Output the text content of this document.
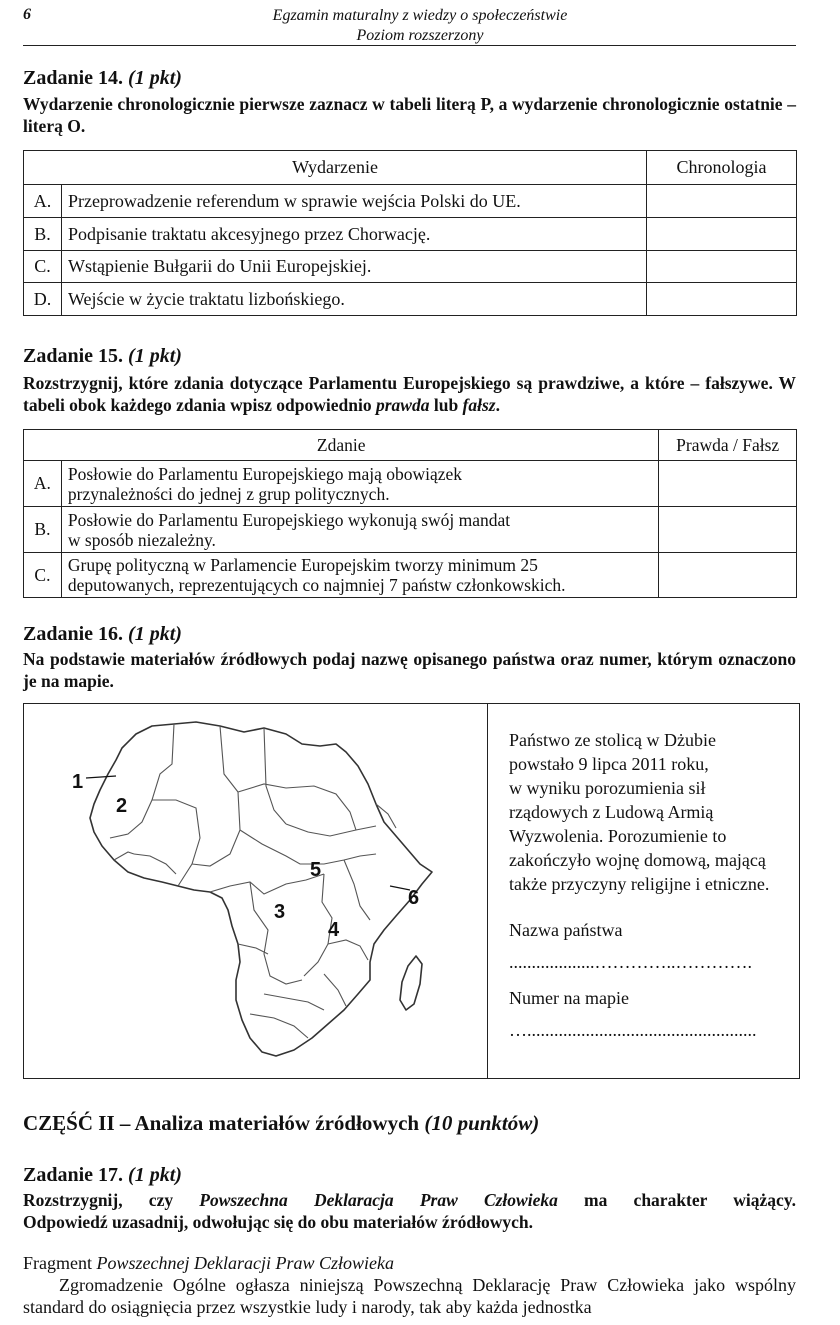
6	Egzamin maturalny z wiedzy o społeczeństwie
Poziom rozszerzony
Zadanie 14. (1 pkt)

Wydarzenie chronologicznie pierwsze zaznacz w tabeli literą P, a wydarzenie chronologicznie ostatnie – literą O.

Wydarzenie		Chronologia
A.	Przeprowadzenie referendum w sprawie wejścia Polski do UE.	
B.	Podpisanie traktatu akcesyjnego przez Chorwację.	
C.	Wstąpienie Bułgarii do Unii Europejskiej.	
D.	Wejście w życie traktatu lizbońskiego.	
Zadanie 15. (1 pkt)

Rozstrzygnij, które zdania dotyczące Parlamentu Europejskiego są prawdziwe, a które – fałszywe. W tabeli obok każdego zdania wpisz odpowiednio prawda lub fałsz.

Zdanie		Prawda / Fałsz
A.	Posłowie do Parlamentu Europejskiego mają obowiązek
przynależności do jednej z grup politycznych.	

B.	Posłowie do Parlamentu Europejskiego wykonują swój mandat
w sposób niezależny.	

C.	Grupę polityczną w Parlamencie Europejskim tworzy minimum 25
deputowanych, reprezentujących co najmniej 7 państw członkowskich.	

Zadanie 16. (1 pkt)

Na podstawie materiałów źródłowych podaj nazwę opisanego państwa oraz numer, którym oznaczono je na mapie.

1
2
3
4
5
6

Państwo ze stolicą w Dżubie

powstało 9 lipca 2011 roku,

w wyniku porozumienia sił

rządowych z Ludową Armią

Wyzwolenia. Porozumienie to

zakończyło wojnę domową, mającą

także przyczyny religijne i etniczne.

Nazwa państwa

...................…………..………….

Numer na mapie

…...................................................

CZĘŚĆ II – Analiza materiałów źródłowych (10 punktów)
Zadanie 17. (1 pkt)

Rozstrzygnij, czy Powszechna Deklaracja Praw Człowieka ma charakter wiążący.

Odpowiedź uzasadnij, odwołując się do obu materiałów źródłowych.

Fragment Powszechnej Deklaracji Praw Człowieka
Zgromadzenie Ogólne ogłasza niniejszą Powszechną Deklarację Praw Człowieka jako wspólny standard do osiągnięcia przez wszystkie ludy i narody, tak aby każda jednostka
